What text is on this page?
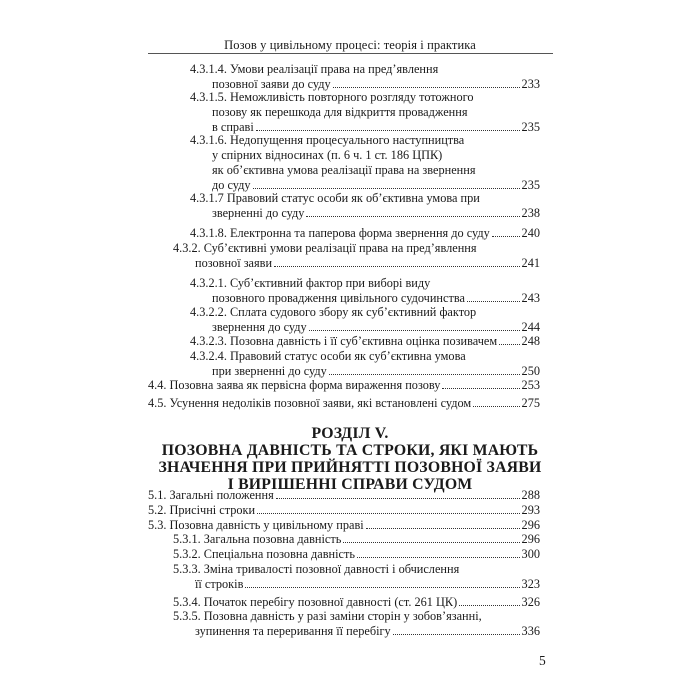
Позов у цивільному процесі: теорія і практика
4.3.1.4. Умови реалізації права на пред’явлення
позовної заяви до суду	233
4.3.1.5. Неможливість повторного розгляду тотожного
позову як перешкода для відкриття провадження
в справі	235
4.3.1.6. Недопущення процесуального наступництва
у спірних відносинах (п. 6 ч. 1 ст. 186 ЦПК)
як об’єктивна умова реалізації права на звернення
до суду	235
4.3.1.7 Правовий статус особи як об’єктивна умова при
зверненні до суду	238
4.3.1.8. Електронна та паперова форма звернення до суду	240
4.3.2. Суб’єктивні умови реалізації права на пред’явлення
позовної заяви	241
4.3.2.1. Суб’єктивний фактор при виборі виду
позовного провадження цивільного судочинства	243
4.3.2.2. Сплата судового збору як суб’єктивний фактор
звернення до суду	244
4.3.2.3. Позовна давність і її суб’єктивна оцінка позивачем 248
4.3.2.4. Правовий статус особи як суб’єктивна умова
при зверненні до суду	250
4.4. Позовна заява як первісна форма вираження позову	253
4.5. Усунення недоліків позовної заяви, які встановлені судом	275
5.1. Загальні положення	288
5.2. Присічні строки	293
5.3. Позовна давність у цивільному праві	296
5.3.1. Загальна позовна давність	296
5.3.2. Спеціальна позовна давність	300
5.3.3. Зміна тривалості позовної давності і обчислення
її строків	323
5.3.4. Початок перебігу позовної давності (ст. 261 ЦК)	326
5.3.5. Позовна давність у разі заміни сторін у зобов’язанні,
зупинення та переривання її перебігу	336
РОЗДІЛ V.
ПОЗОВНА ДАВНІСТЬ ТА СТРОКИ, ЯКІ МАЮТЬ
ЗНАЧЕННЯ ПРИ ПРИЙНЯТТІ ПОЗОВНОЇ ЗАЯВИ
І ВИРІШЕННІ СПРАВИ СУДОМ
5
